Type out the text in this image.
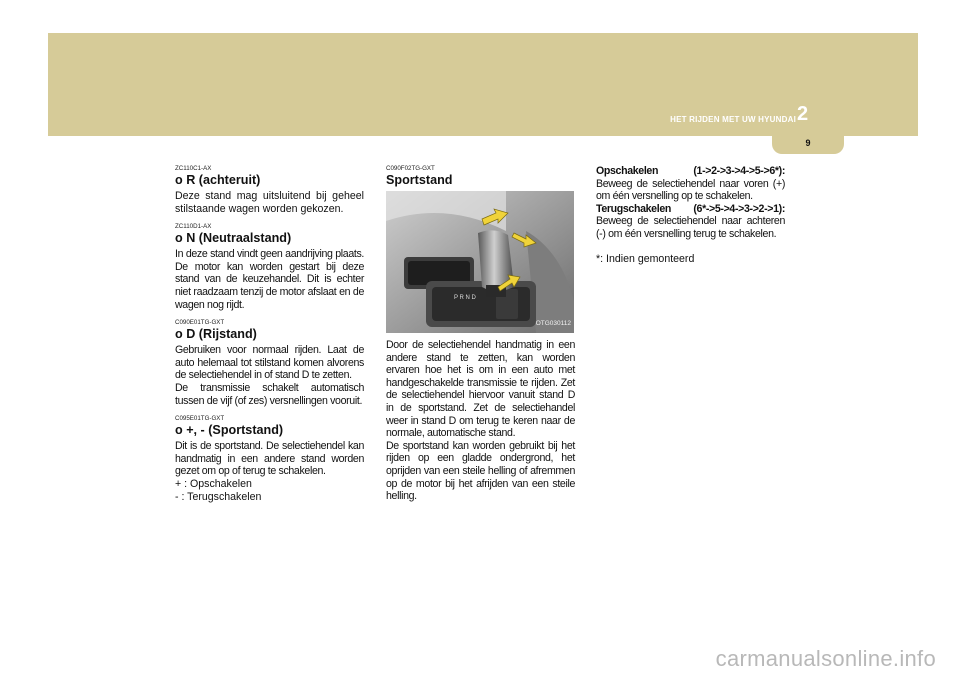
HET RIJDEN MET UW HYUNDAI 2
9
ZC110C1-AX
o R (achteruit)
Deze stand mag uitsluitend bij geheel stilstaande wagen worden gekozen.
ZC110D1-AX
o N (Neutraalstand)
In deze stand vindt geen aandrijving plaats. De motor kan worden gestart bij deze stand van de keuzehandel. Dit is echter niet raadzaam tenzij de motor afslaat en de wagen nog rijdt.
C090E01TG-GXT
o D (Rijstand)
Gebruiken voor normaal rijden. Laat de auto helemaal tot stilstand komen alvorens de selectiehendel in of stand D te zetten.
De transmissie schakelt automatisch tussen de vijf (of zes) versnellingen vooruit.
C095E01TG-GXT
o +, - (Sportstand)
Dit is de sportstand. De selectiehendel kan handmatig in een andere stand worden gezet om op of terug te schakelen.
+ : Opschakelen
- : Terugschakelen
C090F02TG-GXT
Sportstand
P R N D
OTG030112
Door de selectiehendel handmatig in een andere stand te zetten, kan worden ervaren hoe het is om in een auto met handgeschakelde transmissie te rijden. Zet de selectiehendel hiervoor vanuit stand D in de sportstand. Zet de selectiehandel weer in stand D om terug te keren naar de normale, automatische stand.
De sportstand kan worden gebruikt bij het rijden op een gladde ondergrond, het oprijden van een steile helling of afremmen op de motor bij het afrijden van een steile helling.
Opschakelen (1->2->3->4->5->6*): Beweeg de selectiehendel naar voren (+) om één versnelling op te schakelen.
Terugschakelen (6*->5->4->3->2->1): Beweeg de selectiehendel naar achteren (-) om één versnelling terug te schakelen.
*: Indien gemonteerd
carmanualsonline.info
